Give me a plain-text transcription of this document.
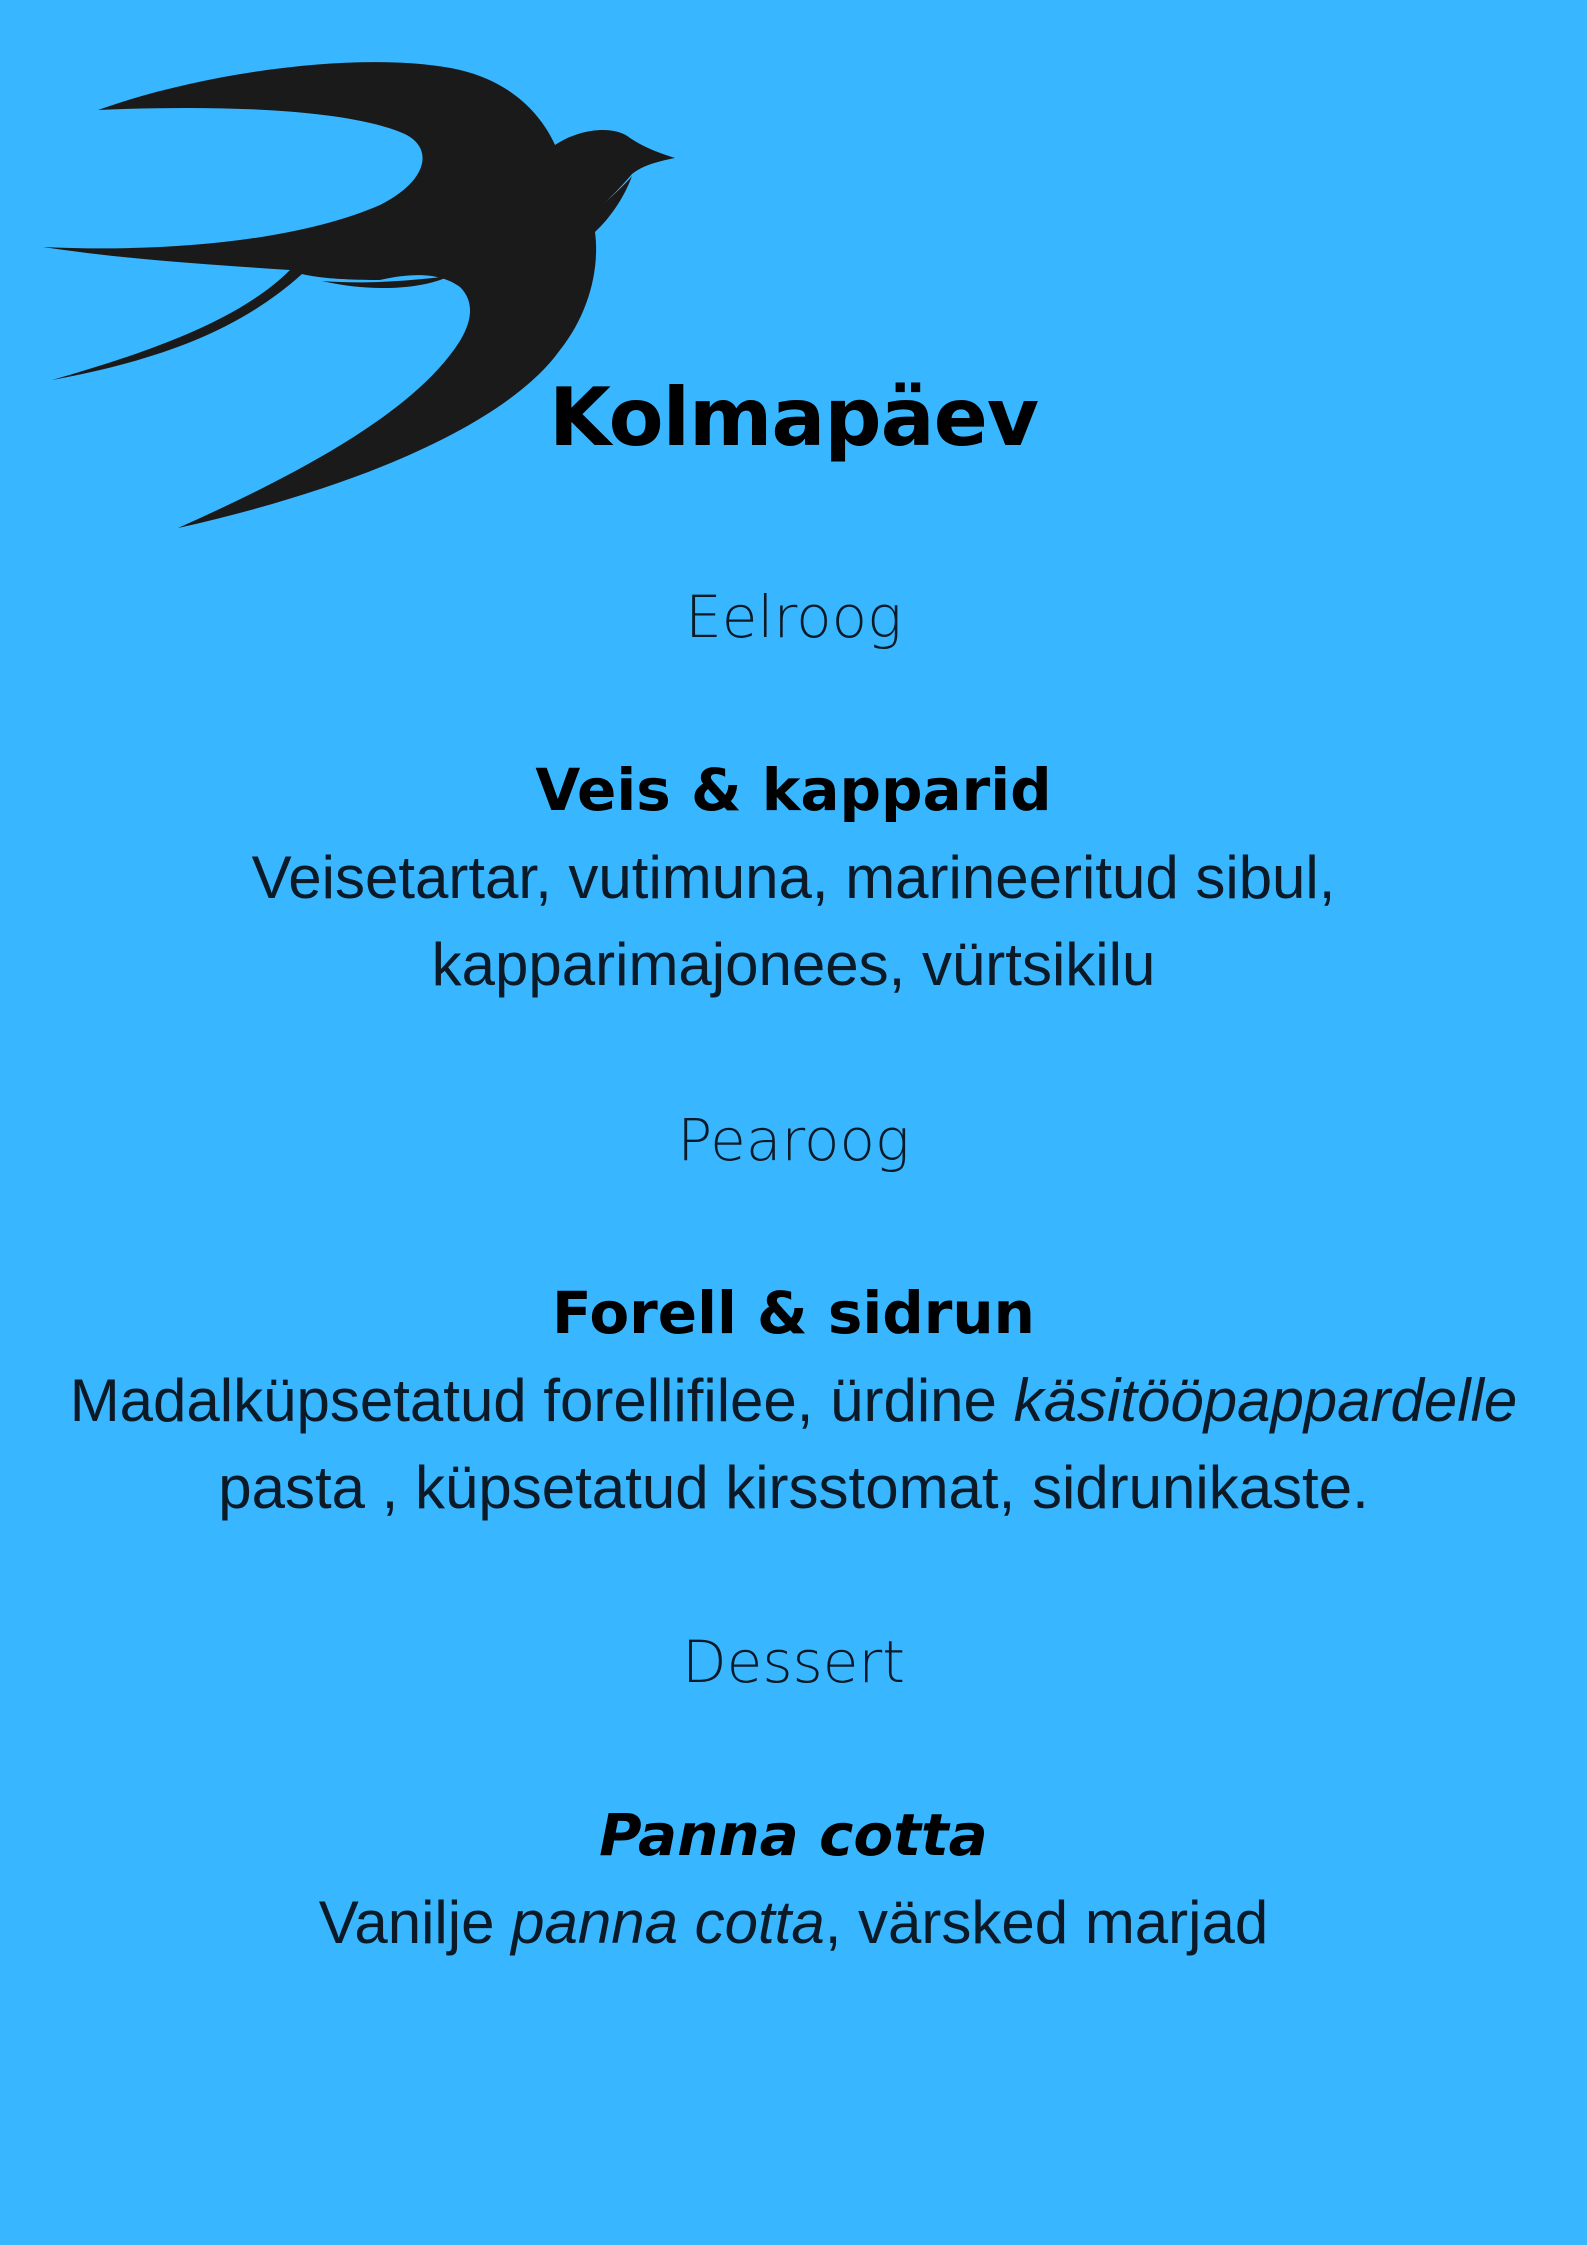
Kolmapäev
Eelroog
Veis & kapparid
Veisetartar, vutimuna, marineeritud sibul,
kapparimajonees, vürtsikilu
Pearoog
Forell & sidrun
Madalküpsetatud forellifilee, ürdine käsitööpappardelle
pasta , küpsetatud kirsstomat, sidrunikaste.
Dessert
Panna cotta
Vanilje panna cotta, värsked marjad
